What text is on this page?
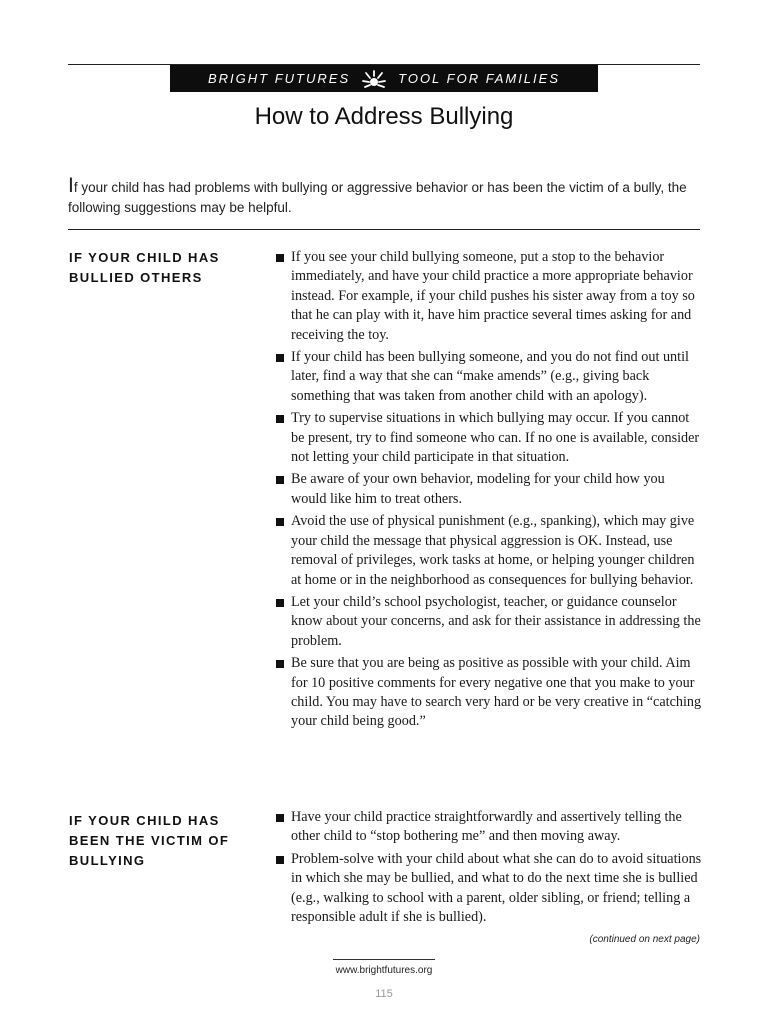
BRIGHT FUTURES	TOOL FOR FAMILIES
How to Address Bullying

If your child has had problems with bullying or aggressive behavior or has been the victim of a bully, the following suggestions may be helpful.

IF YOUR CHILD HAS BULLIED OTHERS
If you see your child bullying someone, put a stop to the behavior immediately, and have your child practice a more appropriate behavior instead. For example, if your child pushes his sister away from a toy so that he can play with it, have him practice several times asking for and receiving the toy.
If your child has been bullying someone, and you do not find out until later, find a way that she can “make amends” (e.g., giving back something that was taken from another child with an apology).
Try to supervise situations in which bullying may occur. If you cannot be present, try to find someone who can. If no one is available, consider not letting your child participate in that situation.
Be aware of your own behavior, modeling for your child how you would like him to treat others.
Avoid the use of physical punishment (e.g., spanking), which may give your child the message that physical aggression is OK. Instead, use removal of privileges, work tasks at home, or helping younger children at home or in the neighborhood as consequences for bullying behavior.
Let your child’s school psychologist, teacher, or guidance counselor know about your concerns, and ask for their assistance in addressing the problem.
Be sure that you are being as positive as possible with your child. Aim for 10 positive comments for every negative one that you make to your child. You may have to search very hard or be very creative in “catching your child being good.”
IF YOUR CHILD HAS BEEN THE VICTIM OF BULLYING
Have your child practice straightforwardly and assertively telling the other child to “stop bothering me” and then moving away.
Problem-solve with your child about what she can do to avoid situations in which she may be bullied, and what to do the next time she is bullied (e.g., walking to school with a parent, older sibling, or friend; telling a responsible adult if she is bullied).
(continued on next page)
www.brightfutures.org
115
